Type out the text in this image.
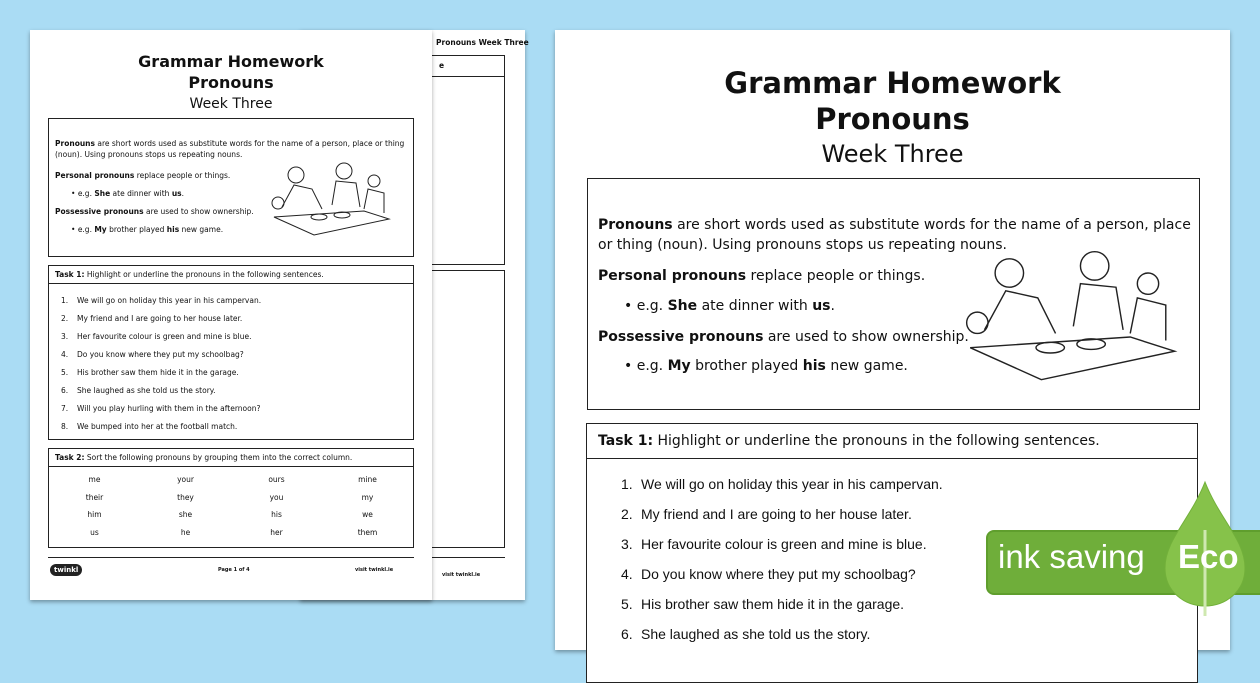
Pronouns Week Three
e
visit twinkl.ie
Grammar Homework
Pronouns
Week Three
Pronouns are short words used as substitute words for the name of a person, place or thing (noun). Using pronouns stops us repeating nouns.
Personal pronouns replace people or things.
• e.g. She ate dinner with us.
Possessive pronouns are used to show ownership.
• e.g. My brother played his new game.
Task 1: Highlight or underline the pronouns in the following sentences.
1. We will go on holiday this year in his campervan.
2. My friend and I are going to her house later.
3. Her favourite colour is green and mine is blue.
4. Do you know where they put my schoolbag?
5. His brother saw them hide it in the garage.
6. She laughed as she told us the story.
7. Will you play hurling with them in the afternoon?
8. We bumped into her at the football match.
Task 2: Sort the following pronouns by grouping them into the correct column.
me	your	ours	mine
their	they	you	my
him	she	his	we
us	he	her	them
twinkl	Page 1 of 4	visit twinkl.ie
Grammar Homework
Pronouns
Week Three
Pronouns are short words used as substitute words for the name of a person, place or thing (noun). Using pronouns stops us repeating nouns.
Personal pronouns replace people or things.
• e.g. She ate dinner with us.
Possessive pronouns are used to show ownership.
• e.g. My brother played his new game.
Task 1: Highlight or underline the pronouns in the following sentences.
1. We will go on holiday this year in his campervan.
2. My friend and I are going to her house later.
3. Her favourite colour is green and mine is blue.
4. Do you know where they put my schoolbag?
5. His brother saw them hide it in the garage.
6. She laughed as she told us the story.
ink saving Eco
